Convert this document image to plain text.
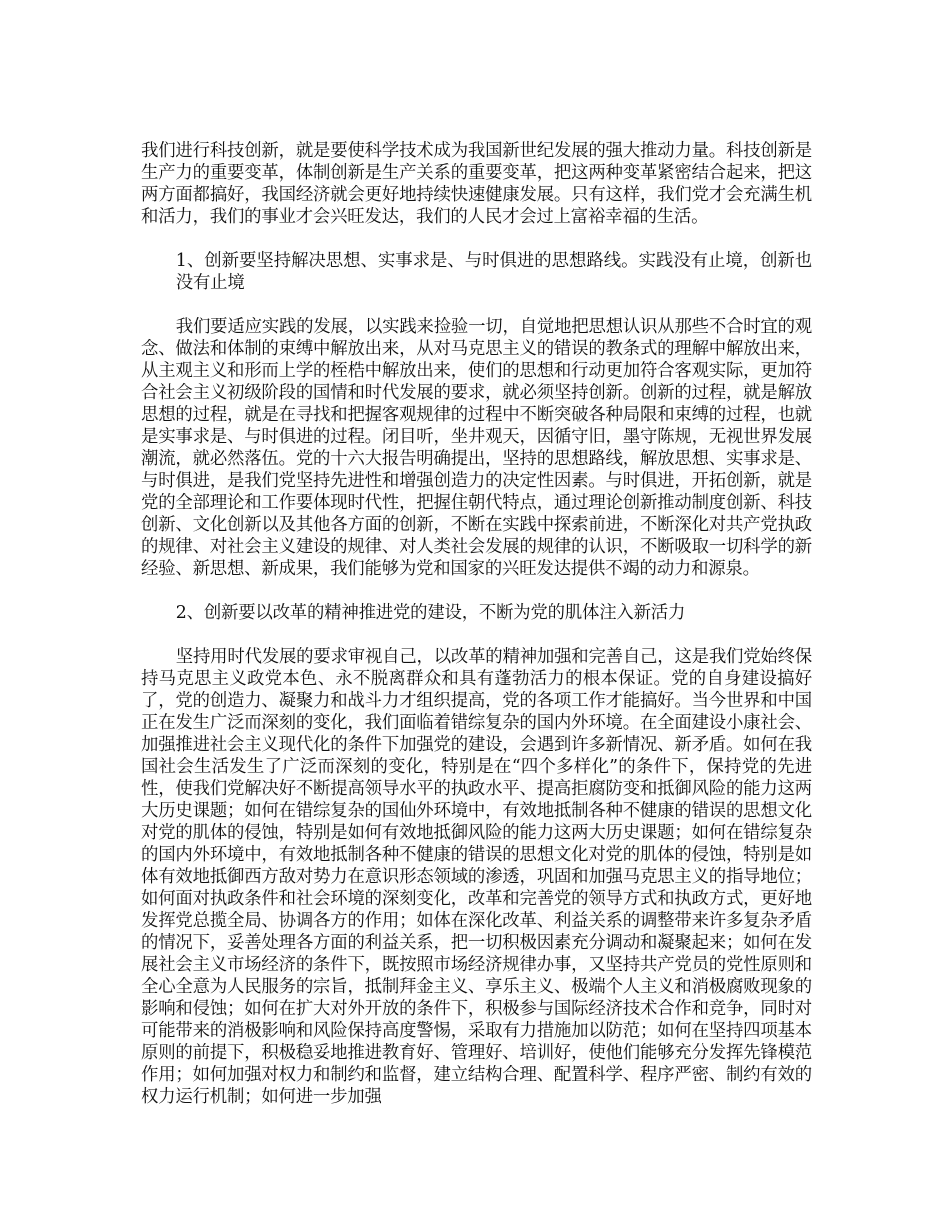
我们进行科技创新，就是要使科学技术成为我国新世纪发展的强大推动力量。科技创新是生产力的重要变革，体制创新是生产关系的重要变革，把这两种变革紧密结合起来，把这两方面都搞好，我国经济就会更好地持续快速健康发展。只有这样，我们党才会充满生机和活力，我们的事业才会兴旺发达，我们的人民才会过上富裕幸福的生活。

1、创新要坚持解决思想、实事求是、与时俱进的思想路线。实践没有止境，创新也没有止境

我们要适应实践的发展，以实践来捡验一切，自觉地把思想认识从那些不合时宜的观念、做法和体制的束缚中解放出来，从对马克思主义的错误的教条式的理解中解放出来，从主观主义和形而上学的桎梏中解放出来，使们的思想和行动更加符合客观实际，更加符合社会主义初级阶段的国情和时代发展的要求，就必须坚持创新。创新的过程，就是解放思想的过程，就是在寻找和把握客观规律的过程中不断突破各种局限和束缚的过程，也就是实事求是、与时俱进的过程。闭目听，坐井观天，因循守旧，墨守陈规，无视世界发展潮流，就必然落伍。党的十六大报告明确提出，坚持的思想路线，解放思想、实事求是、与时俱进，是我们党坚持先进性和增强创造力的决定性因素。与时俱进，开拓创新，就是党的全部理论和工作要体现时代性，把握住朝代特点，通过理论创新推动制度创新、科技创新、文化创新以及其他各方面的创新，不断在实践中探索前进，不断深化对共产党执政的规律、对社会主义建设的规律、对人类社会发展的规律的认识，不断吸取一切科学的新经验、新思想、新成果，我们能够为党和国家的兴旺发达提供不竭的动力和源泉。

2、创新要以改革的精神推进党的建设，不断为党的肌体注入新活力

坚持用时代发展的要求审视自己，以改革的精神加强和完善自己，这是我们党始终保持马克思主义政党本色、永不脱离群众和具有蓬勃活力的根本保证。党的自身建设搞好了，党的创造力、凝聚力和战斗力才组织提高，党的各项工作才能搞好。当今世界和中国正在发生广泛而深刻的变化，我们面临着错综复杂的国内外环境。在全面建设小康社会、加强推进社会主义现代化的条件下加强党的建设，会遇到许多新情况、新矛盾。如何在我国社会生活发生了广泛而深刻的变化，特别是在“四个多样化”的条件下，保持党的先进性，使我们党解决好不断提高领导水平的执政水平、提高拒腐防变和抵御风险的能力这两大历史课题；如何在错综复杂的国仙外环境中，有效地抵制各种不健康的错误的思想文化对党的肌体的侵蚀，特别是如何有效地抵御风险的能力这两大历史课题；如何在错综复杂的国内外环境中，有效地抵制各种不健康的错误的思想文化对党的肌体的侵蚀，特别是如体有效地抵御西方敌对势力在意识形态领域的渗透，巩固和加强马克思主义的指导地位；如何面对执政条件和社会环境的深刻变化，改革和完善党的领导方式和执政方式，更好地发挥党总揽全局、协调各方的作用；如体在深化改革、利益关系的调整带来许多复杂矛盾的情况下，妥善处理各方面的利益关系，把一切积极因素充分调动和凝聚起来；如何在发展社会主义市场经济的条件下，既按照市场经济规律办事，又坚持共产党员的党性原则和全心全意为人民服务的宗旨，抵制拜金主义、享乐主义、极端个人主义和消极腐败现象的影响和侵蚀；如何在扩大对外开放的条件下，积极参与国际经济技术合作和竞争，同时对可能带来的消极影响和风险保持高度警惕，采取有力措施加以防范；如何在坚持四项基本原则的前提下，积极稳妥地推进教育好、管理好、培训好，使他们能够充分发挥先锋模范作用；如何加强对权力和制约和监督，建立结构合理、配置科学、程序严密、制约有效的权力运行机制；如何进一步加强
